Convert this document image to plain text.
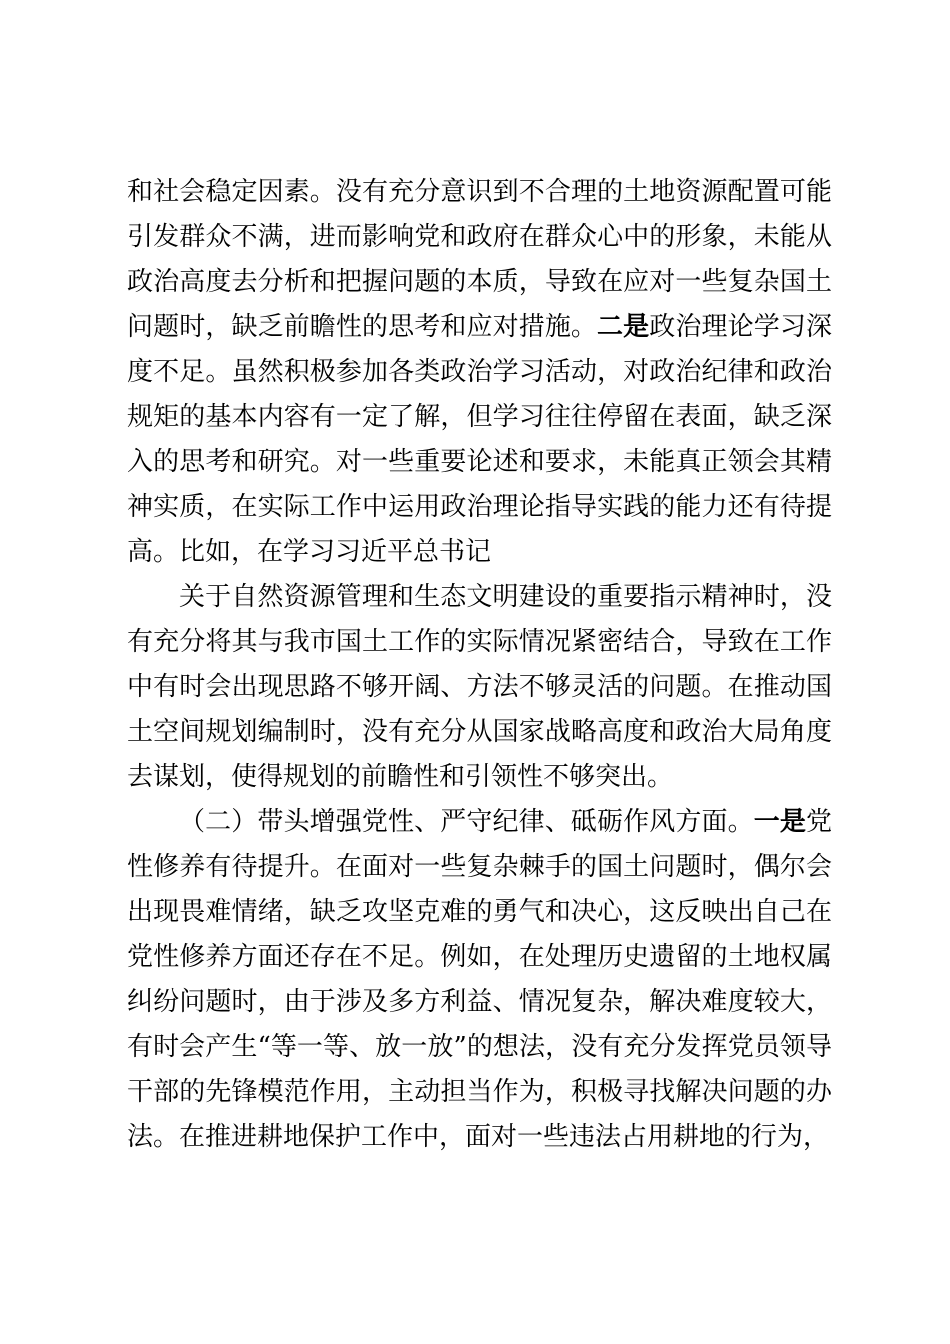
和社会稳定因素。没有充分意识到不合理的土地资源配置可能引发群众不满，进而影响党和政府在群众心中的形象，未能从政治高度去分析和把握问题的本质，导致在应对一些复杂国土问题时，缺乏前瞻性的思考和应对措施。二是政治理论学习深度不足。虽然积极参加各类政治学习活动，对政治纪律和政治规矩的基本内容有一定了解，但学习往往停留在表面，缺乏深入的思考和研究。对一些重要论述和要求，未能真正领会其精神实质，在实际工作中运用政治理论指导实践的能力还有待提高。比如，在学习习近平总书记

关于自然资源管理和生态文明建设的重要指示精神时，没有充分将其与我市国土工作的实际情况紧密结合，导致在工作中有时会出现思路不够开阔、方法不够灵活的问题。在推动国土空间规划编制时，没有充分从国家战略高度和政治大局角度去谋划，使得规划的前瞻性和引领性不够突出。

（二）带头增强党性、严守纪律、砥砺作风方面。一是党性修养有待提升。在面对一些复杂棘手的国土问题时，偶尔会出现畏难情绪，缺乏攻坚克难的勇气和决心，这反映出自己在党性修养方面还存在不足。例如，在处理历史遗留的土地权属纠纷问题时，由于涉及多方利益、情况复杂，解决难度较大，有时会产生“等一等、放一放”的想法，没有充分发挥党员领导干部的先锋模范作用，主动担当作为，积极寻找解决问题的办法。在推进耕地保护工作中，面对一些违法占用耕地的行为，
